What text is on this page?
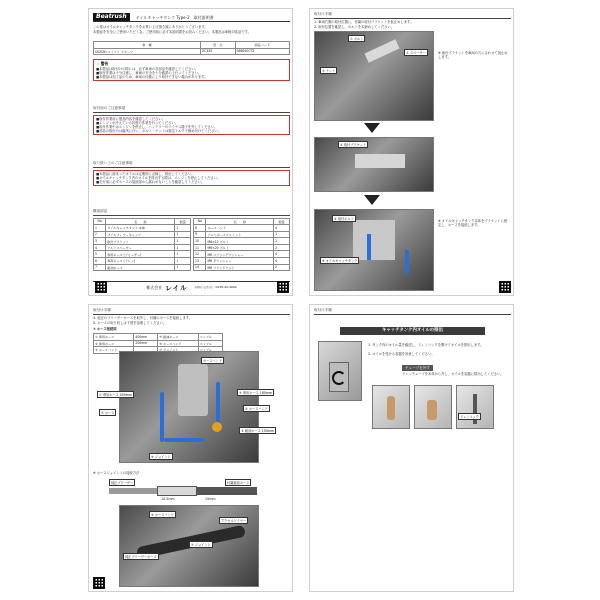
Beatrush	オイルキャッチタンク Type-2　取付説明書
この度はオイルキャッチタンクをお買い上げ頂き誠にありがとうございます。
本製品を安全にご使用いただく為、ご使用前に必ず本説明書をお読みください。本製品は車検対応品です。
車　種	型　式	商品コード
SUZUKI スイフト スポーツ	ZC33S	S66040CT2
⚠ 警告
■本製品は取付けの際には、必ず車両の各部品を確認してください。
■取付作業は十分注意し、車両の安全を十分確認の上行ってください。
■本製品は加工品のため、車両の仕様により取付できない場合があります。
取付前のご注意事項
■取付作業前に製品内容を確認してください。
■エンジンが冷えている状態で作業を行ってください。
■取付作業中はエンジンを停止し、バッテリーのマイナス端子を外してください。
■部品の取付けは確実に行い、ボルト・ナットは規定トルクで締め付けてください。
取り扱い上のご注意事項
■本製品に溜まったオイルは定期的に点検し、排出してください。
■オイルキャッチタンク内のオイルを排出する際は、エンジンを停止してください。
■走行前に必ずホースの接続部から漏れがないことを確認してください。
構成部品
No	名　　称	数量
1	オイルキャッチタンク 本体	1
2	オイルフィラーキャップ	1
3	取付ブラケット	1
4	アルミスペーサー	1
5	専用ホース (ブリーザー)	1
6	専用ホース (ドレン)	1
7	耐油ホース	1
No	名　　称	数量
8	ホースバンド	4
9	アルミホースジョイント	1
10	M6×12 ボルト	2
11	M6×20 ボルト	2
12	M6 スプリングワッシャー	4
13	M6 平ワッシャー	4
14	M6 フランジナット	2
株式会社 レイル お問い合わせ：0438-40-4660
取付け手順
1. 車両右側の取付位置に、付属の取付ブラケットを仮止めします。
2. 取付位置を確認し、ボルトを本締めしてください。
① ボルト
② スペーサー
③ ナット
※ 取付ブラケットを車両の穴に合わせて仮止めします。
④ 取付ブラケット
⑤ 取付ボルト
⑥ オイルキャッチタンク
※ オイルキャッチタンク本体をブラケットに固定し、ホースを接続します。
取付け手順
4. 純正のブリーザーホースを取外し、付属のホースを接続します。
5. ホースの取り回しは下図を参照してください。
⑤ ホース接続図
① 専用ホース	400mm	⑤ 耐油ホース	ニップル
② 専用ホース	200mm	⑥ ホースバンド	ニップル
③ ホースバンド			
ホースバンド
① 専用ホース 400mm
② ホース
③ 専用ホース 180mm
④ ホースバンド
⑤ 耐油ホース 150mm
⑥ ジョイント
※ ホースジョイントの接続方法
10.5mm	15mm
純正ブリーザー	付属耐油ホース
⑥ ホースバンド
純正ブリーザーホース
⑦ ジョイント
アクセルワイヤー
取付け手順
キャッチタンク内オイルの排出
1. タンク内のオイル量を確認し、ドレンコックを開けてオイルを排出します。
2. オイルを受ける容器を用意してください。
チューブを外す
ドレンチューブを本体から外し、オイルを容器に排出してください。
ドレンコック
